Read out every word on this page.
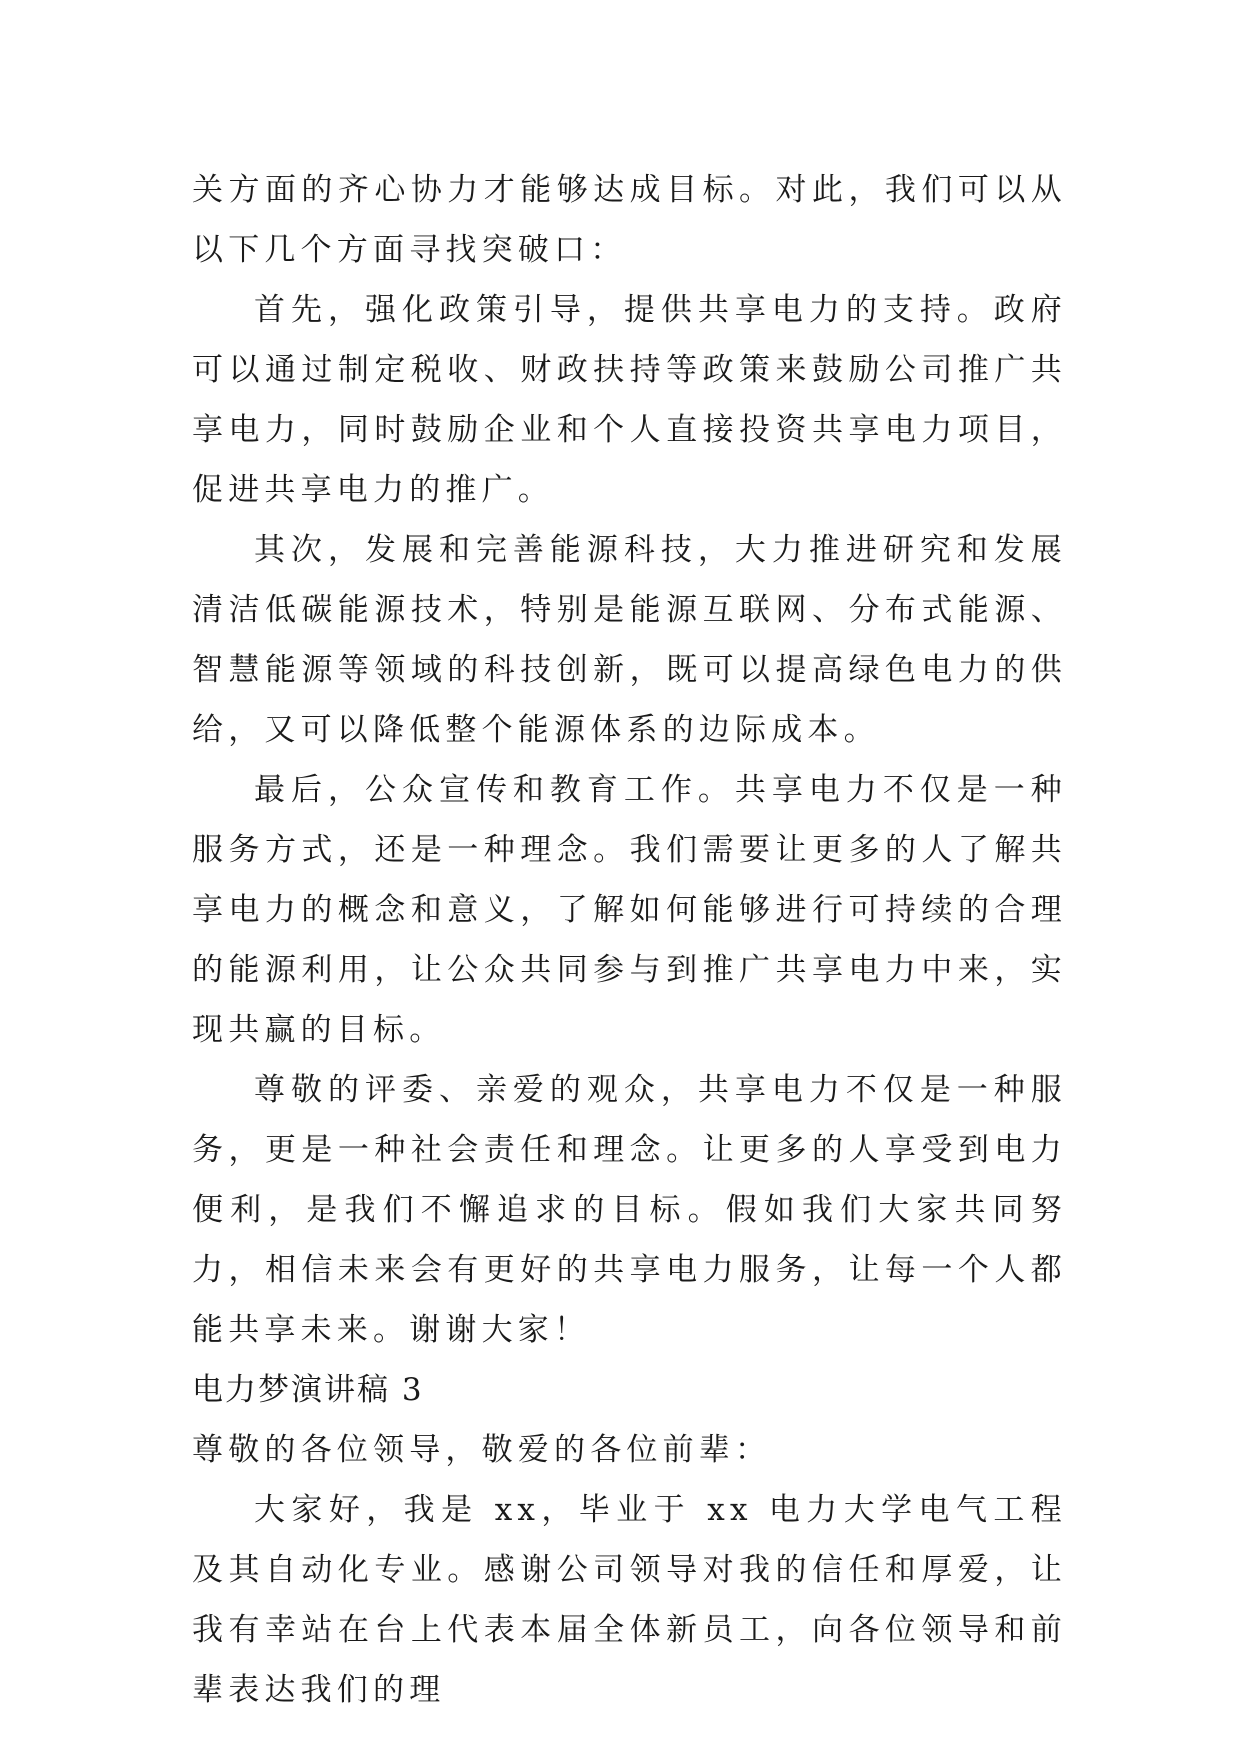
关方面的齐心协力才能够达成目标。对此，我们可以从以下几个方面寻找突破口：

首先，强化政策引导，提供共享电力的支持。政府可以通过制定税收、财政扶持等政策来鼓励公司推广共享电力，同时鼓励企业和个人直接投资共享电力项目，促进共享电力的推广。

其次，发展和完善能源科技，大力推进研究和发展清洁低碳能源技术，特别是能源互联网、分布式能源、智慧能源等领域的科技创新，既可以提高绿色电力的供给，又可以降低整个能源体系的边际成本。

最后，公众宣传和教育工作。共享电力不仅是一种服务方式，还是一种理念。我们需要让更多的人了解共享电力的概念和意义，了解如何能够进行可持续的合理的能源利用，让公众共同参与到推广共享电力中来，实现共赢的目标。

尊敬的评委、亲爱的观众，共享电力不仅是一种服务，更是一种社会责任和理念。让更多的人享受到电力便利，是我们不懈追求的目标。假如我们大家共同努力，相信未来会有更好的共享电力服务，让每一个人都能共享未来。谢谢大家！

电力梦演讲稿 3

尊敬的各位领导，敬爱的各位前辈：

大家好，我是 xx，毕业于 xx 电力大学电气工程及其自动化专业。感谢公司领导对我的信任和厚爱，让我有幸站在台上代表本届全体新员工，向各位领导和前辈表达我们的理
